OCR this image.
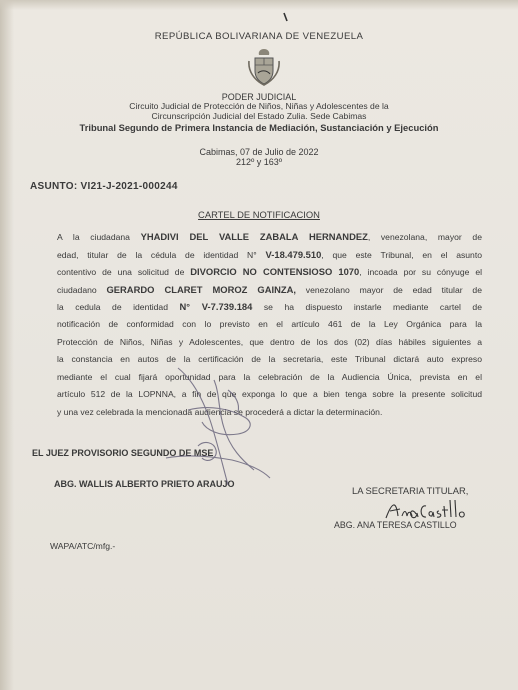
REPÚBLICA BOLIVARIANA DE VENEZUELA
PODER JUDICIAL
Circuito Judicial de Protección de Niños, Niñas y Adolescentes de la
Circunscripción Judicial del Estado Zulia. Sede Cabimas
Tribunal Segundo de Primera Instancia de Mediación, Sustanciación y Ejecución
Cabimas, 07 de Julio de 2022
212º y 163º
ASUNTO: VI21-J-2021-000244
CARTEL DE NOTIFICACION
A la ciudadana YHADIVI DEL VALLE ZABALA HERNANDEZ, venezolana, mayor de
edad, titular de la cédula de identidad N° V-18.479.510, que este Tribunal, en el asunto
contentivo de una solicitud de DIVORCIO NO CONTENSIOSO 1070, incoada por su cónyuge el
ciudadano GERARDO CLARET MOROZ GAINZA, venezolano mayor de edad titular de
la cedula de identidad N° V-7.739.184 se ha dispuesto instarle mediante cartel de
notificación de conformidad con lo previsto en el artículo 461 de la Ley Orgánica para la
Protección de Niños, Niñas y Adolescentes, que dentro de los dos (02) días hábiles siguientes a
la constancia en autos de la certificación de la secretaria, este Tribunal dictará auto expreso
mediante el cual fijará oportunidad para la celebración de la Audiencia Única, prevista en el
artículo 512 de la LOPNNA, a fin de que exponga lo que a bien tenga sobre la presente solicitud
y una vez celebrada la mencionada audiencia se procederá a dictar la determinación.
EL JUEZ PROVISORIO SEGUNDO DE MSE
ABG. WALLIS ALBERTO PRIETO ARAUJO
LA SECRETARIA TITULAR,
ABG. ANA TERESA CASTILLO
WAPA/ATC/mfg.-
